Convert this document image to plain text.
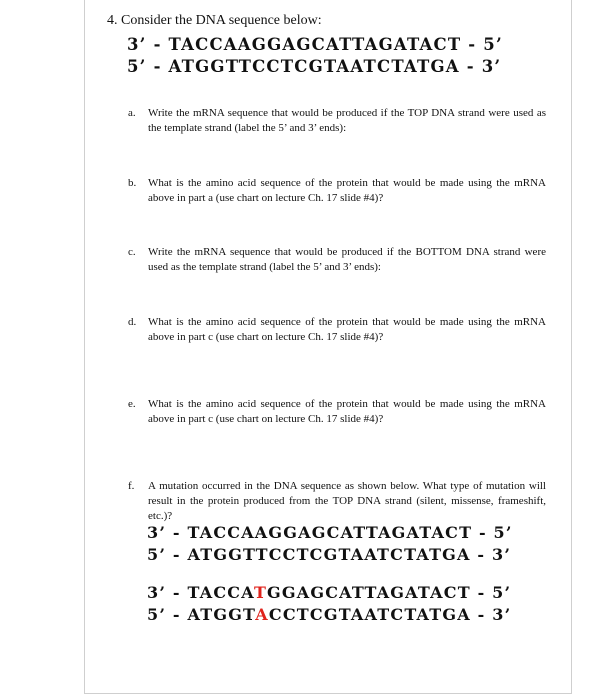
4. Consider the DNA sequence below:
3’ - TACCAAGGAGCATTAGATACT - 5’
5’ - ATGGTTCCTCGTAATCTATGA - 3’
a. Write the mRNA sequence that would be produced if the TOP DNA strand were used as the template strand (label the 5’ and 3’ ends):
b. What is the amino acid sequence of the protein that would be made using the mRNA above in part a (use chart on lecture Ch. 17 slide #4)?
c. Write the mRNA sequence that would be produced if the BOTTOM DNA strand were used as the template strand (label the 5’ and 3’ ends):
d. What is the amino acid sequence of the protein that would be made using the mRNA above in part c (use chart on lecture Ch. 17 slide #4)?
e. What is the amino acid sequence of the protein that would be made using the mRNA above in part c (use chart on lecture Ch. 17 slide #4)?
f. A mutation occurred in the DNA sequence as shown below. What type of mutation will result in the protein produced from the TOP DNA strand (silent, missense, frameshift, etc.)?
3’ - TACCAAGGAGCATTAGATACT - 5’
5’ - ATGGTTCCTCGTAATCTATGA - 3’
3’ - TACCATGGAGCATTAGATACT - 5’
5’ - ATGGTACCTCGTAATCTATGA - 3’
